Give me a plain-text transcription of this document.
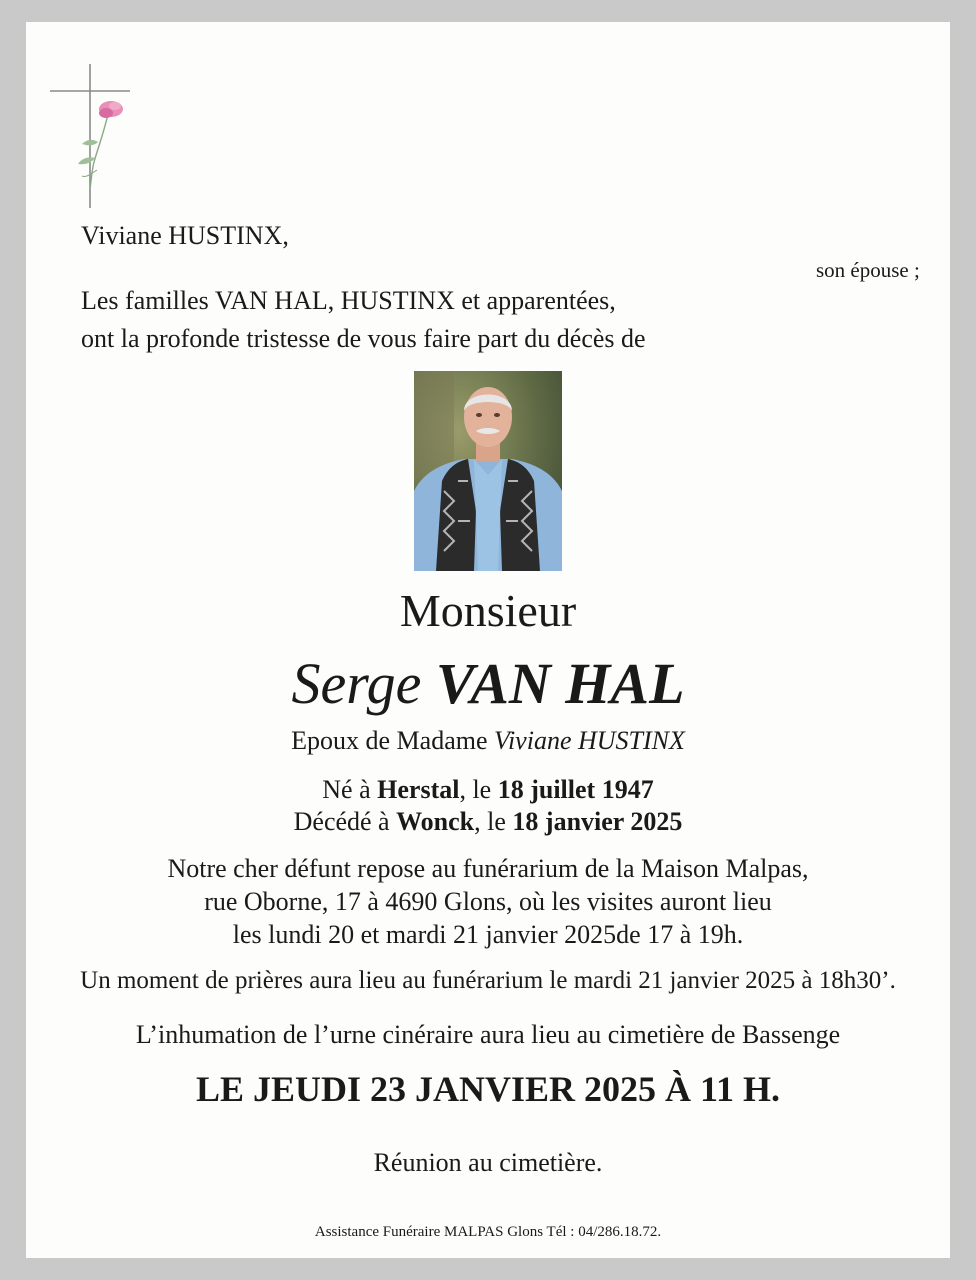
Viviane HUSTINX,
son épouse ;
Les familles VAN HAL, HUSTINX et apparentées,
ont la profonde tristesse de vous faire part du décès de
Monsieur
Serge VAN HAL
Epoux de Madame Viviane HUSTINX
Né à Herstal, le 18 juillet 1947
Décédé à Wonck, le 18 janvier 2025
Notre cher défunt repose au funérarium de la Maison Malpas,
rue Oborne, 17 à 4690 Glons, où les visites auront lieu
les lundi 20 et mardi 21 janvier 2025de 17 à 19h.
Un moment de prières aura lieu au funérarium le mardi 21 janvier 2025 à 18h30’.
L’inhumation de l’urne cinéraire aura lieu au cimetière de Bassenge
LE JEUDI 23 JANVIER 2025 À 11 H.
Réunion au cimetière.
Assistance Funéraire MALPAS Glons Tél : 04/286.18.72.
